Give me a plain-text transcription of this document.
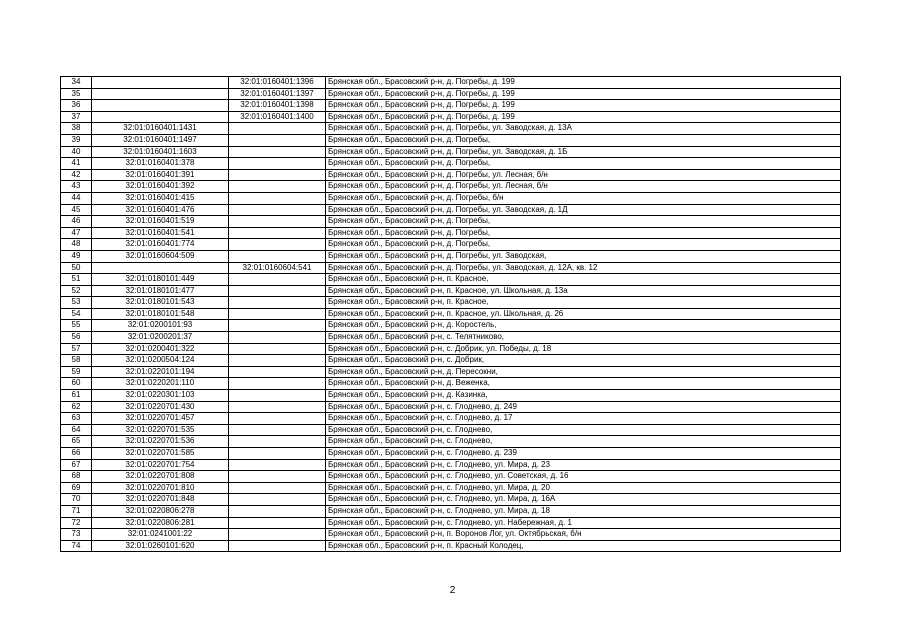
34		32:01:0160401:1396	Брянская обл., Брасовский р-н, д. Погребы, д. 199
35		32:01:0160401:1397	Брянская обл., Брасовский р-н, д. Погребы, д. 199
36		32:01:0160401:1398	Брянская обл., Брасовский р-н, д. Погребы, д. 199
37		32:01:0160401:1400	Брянская обл., Брасовский р-н, д. Погребы, д. 199
38	32:01:0160401:1431		Брянская обл., Брасовский р-н, д. Погребы, ул. Заводская, д. 13А
39	32:01:0160401:1497		Брянская обл., Брасовский р-н, д. Погребы,
40	32:01:0160401:1603		Брянская обл., Брасовский р-н, д. Погребы, ул. Заводская, д. 1Б
41	32:01:0160401:378		Брянская обл., Брасовский р-н, д. Погребы,
42	32:01:0160401:391		Брянская обл., Брасовский р-н, д. Погребы, ул. Лесная, б/н
43	32:01:0160401:392		Брянская обл., Брасовский р-н, д. Погребы, ул. Лесная, б/н
44	32:01:0160401:415		Брянская обл., Брасовский р-н, д. Погребы, б/н
45	32:01:0160401:476		Брянская обл., Брасовский р-н, д. Погребы, ул. Заводская, д. 1Д
46	32:01:0160401:519		Брянская обл., Брасовский р-н, д. Погребы,
47	32:01:0160401:541		Брянская обл., Брасовский р-н, д. Погребы,
48	32:01:0160401:774		Брянская обл., Брасовский р-н, д. Погребы,
49	32:01:0160604:509		Брянская обл., Брасовский р-н, д. Погребы, ул. Заводская,
50		32:01:0160604:541	Брянская обл., Брасовский р-н, д. Погребы, ул. Заводская, д. 12А, кв. 12
51	32:01:0180101:449		Брянская обл., Брасовский р-н, п. Красное,
52	32:01:0180101:477		Брянская обл., Брасовский р-н, п. Красное, ул. Школьная, д. 13а
53	32:01:0180101:543		Брянская обл., Брасовский р-н, п. Красное,
54	32:01:0180101:548		Брянская обл., Брасовский р-н, п. Красное, ул. Школьная, д. 26
55	32:01:0200101:93		Брянская обл., Брасовский р-н, д. Коростель,
56	32:01:0200201:37		Брянская обл., Брасовский р-н, с. Телятниково,
57	32:01:0200401:322		Брянская обл., Брасовский р-н, с. Добрик, ул. Победы, д. 18
58	32:01:0200504:124		Брянская обл., Брасовский р-н, с. Добрик,
59	32:01:0220101:194		Брянская обл., Брасовский р-н, д. Пересокни,
60	32:01:0220201:110		Брянская обл., Брасовский р-н, д. Веженка,
61	32:01:0220301:103		Брянская обл., Брасовский р-н, д. Казинка,
62	32:01:0220701:430		Брянская обл., Брасовский р-н, с. Глоднево, д. 249
63	32:01:0220701:457		Брянская обл., Брасовский р-н, с. Глоднево, д. 17
64	32:01:0220701:535		Брянская обл., Брасовский р-н, с. Глоднево,
65	32:01:0220701:536		Брянская обл., Брасовский р-н, с. Глоднево,
66	32:01:0220701:585		Брянская обл., Брасовский р-н, с. Глоднево, д. 239
67	32:01:0220701:754		Брянская обл., Брасовский р-н, с. Глоднево, ул. Мира, д. 23
68	32:01:0220701:808		Брянская обл., Брасовский р-н, с. Глоднево, ул. Советская, д. 16
69	32:01:0220701:810		Брянская обл., Брасовский р-н, с. Глоднево, ул. Мира, д. 20
70	32:01:0220701:848		Брянская обл., Брасовский р-н, с. Глоднево, ул. Мира, д. 16А
71	32:01:0220806:278		Брянская обл., Брасовский р-н, с. Глоднево, ул. Мира, д. 18
72	32:01:0220806:281		Брянская обл., Брасовский р-н, с. Глоднево, ул. Набережная, д. 1
73	32:01:0241001:22		Брянская обл., Брасовский р-н, п. Воронов Лог, ул. Октябрьская, б/н
74	32:01:0260101:620		Брянская обл., Брасовский р-н, п. Красный Колодец,
2
